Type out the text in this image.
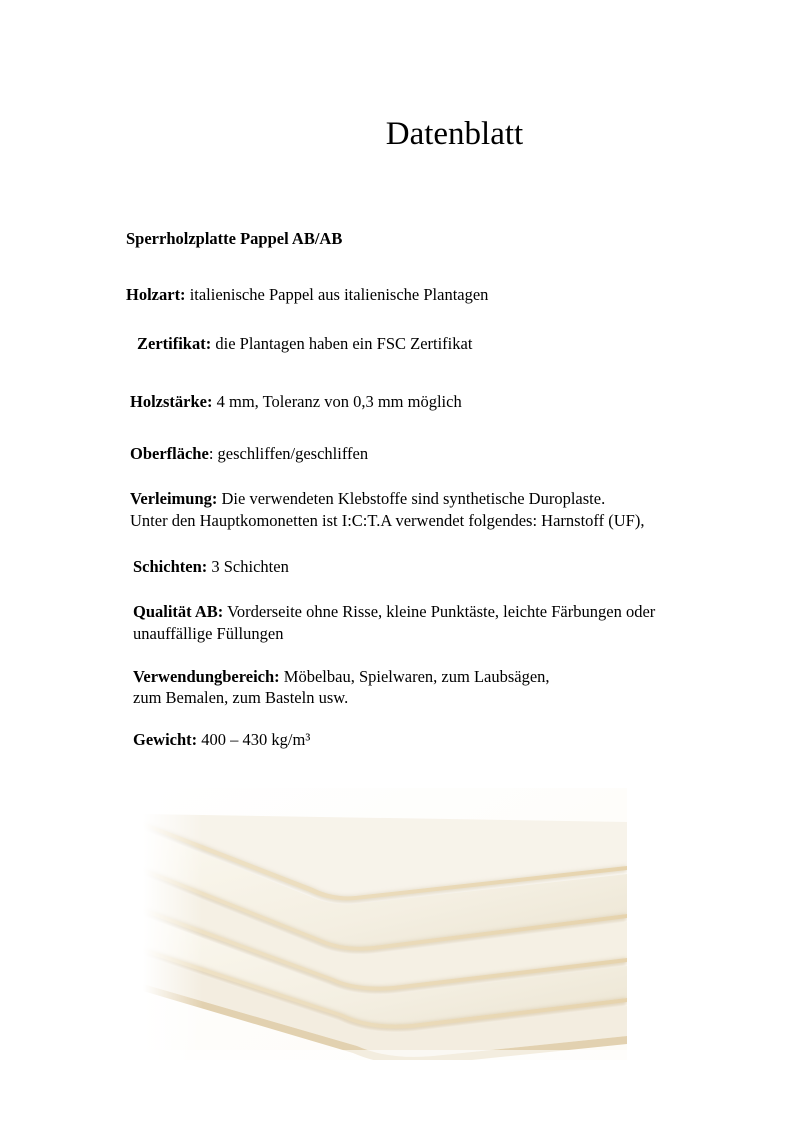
Datenblatt
Sperrholzplatte Pappel AB/AB
Holzart: italienische Pappel aus italienische Plantagen
Zertifikat: die Plantagen haben ein FSC Zertifikat
Holzstärke: 4 mm, Toleranz von 0,3 mm möglich
Oberfläche: geschliffen/geschliffen
Verleimung: Die verwendeten Klebstoffe sind synthetische Duroplaste.
Unter den Hauptkomonetten ist I:C:T.A verwendet folgendes: Harnstoff (UF),
Schichten: 3 Schichten
Qualität AB: Vorderseite ohne Risse, kleine Punktäste, leichte Färbungen oder
unauffällige Füllungen
Verwendungbereich: Möbelbau, Spielwaren, zum Laubsägen,
zum Bemalen, zum Basteln usw.
Gewicht: 400 – 430 kg/m³
